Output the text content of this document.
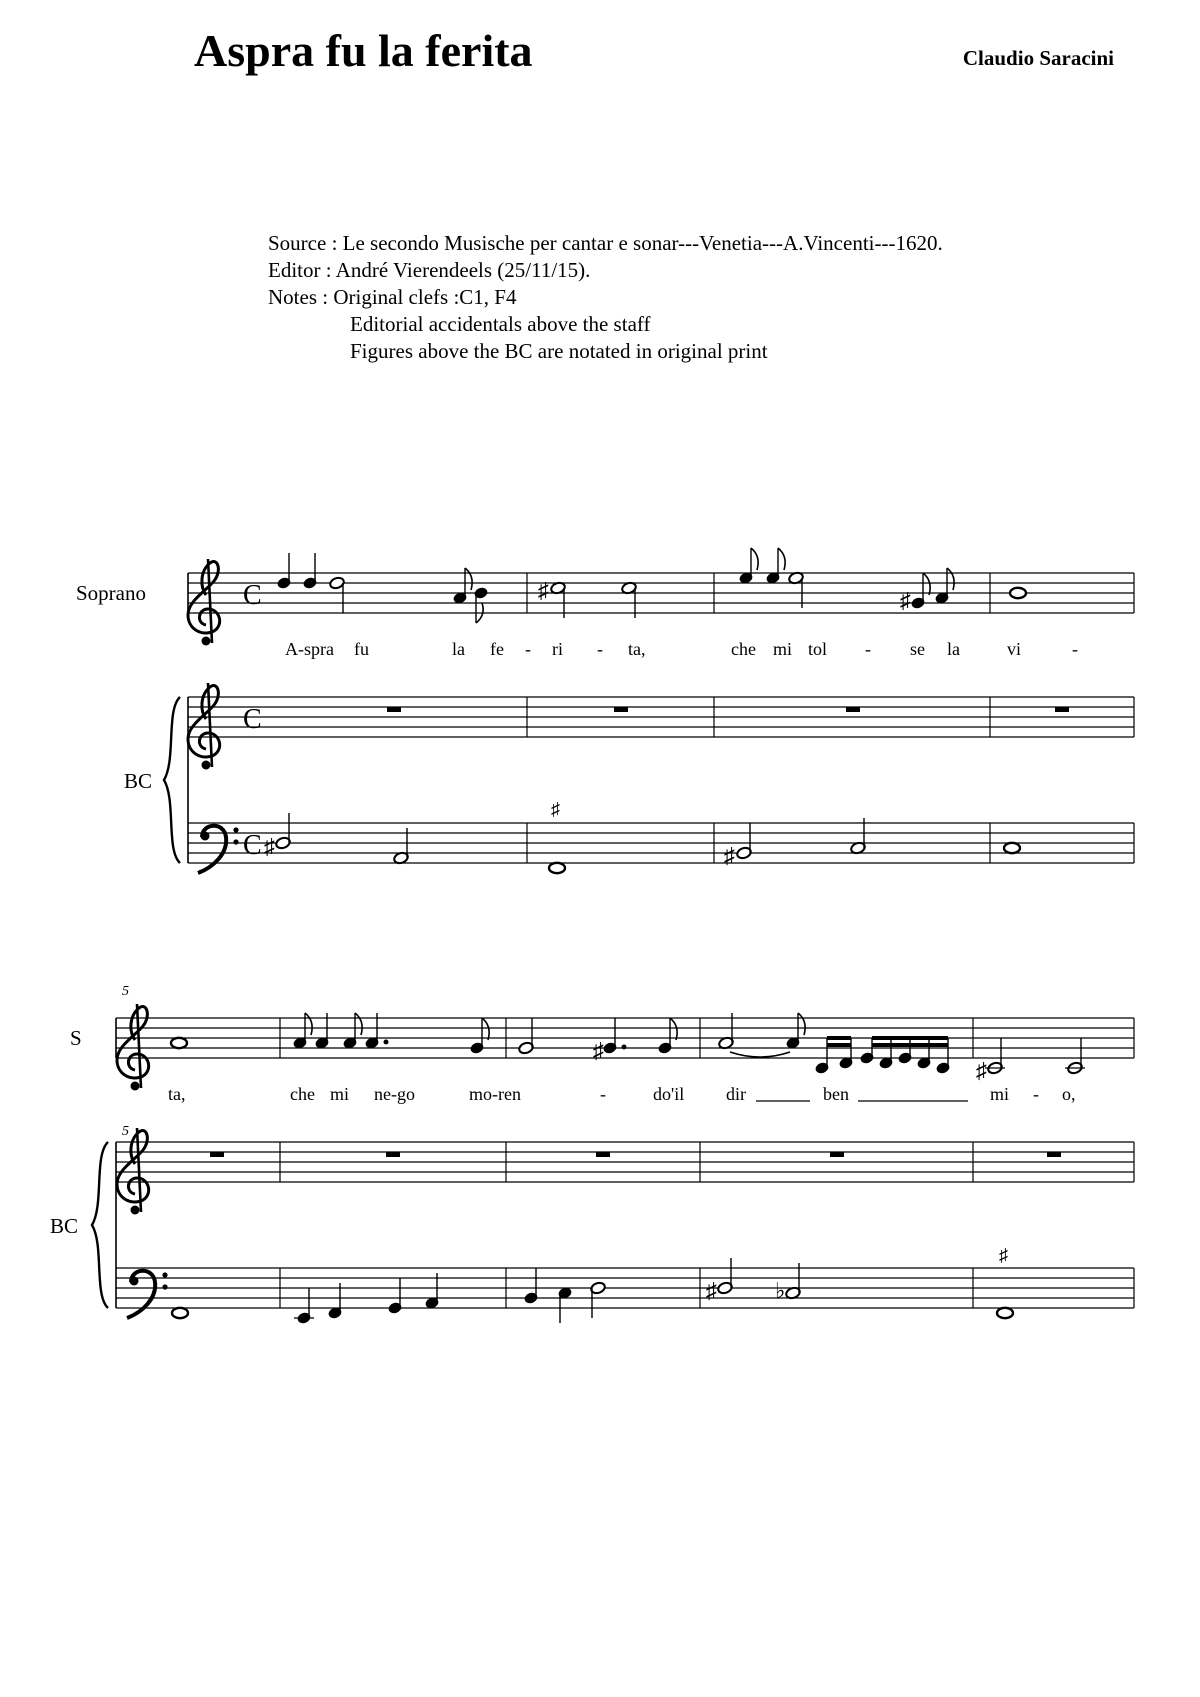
Aspra fu la ferita	Claudio Saracini
Source : Le secondo Musische per cantar e sonar---Venetia---A.Vincenti---1620.
Editor : André Vierendeels (25/11/15).
Notes : Original clefs :C1, F4
Editorial accidentals above the staff
Figures above the BC are notated in original print
Soprano
BC
C
C
C
♯	♯
A-spra fu	la fe - ri - ta,	che mi tol - se la	vi	-
♯
♯
♯
5
5
S
BC
♯
♯
ta,	che mi ne-go	mo-ren	-	do'il dir	ben	mi - o,
♯	♭
♯
